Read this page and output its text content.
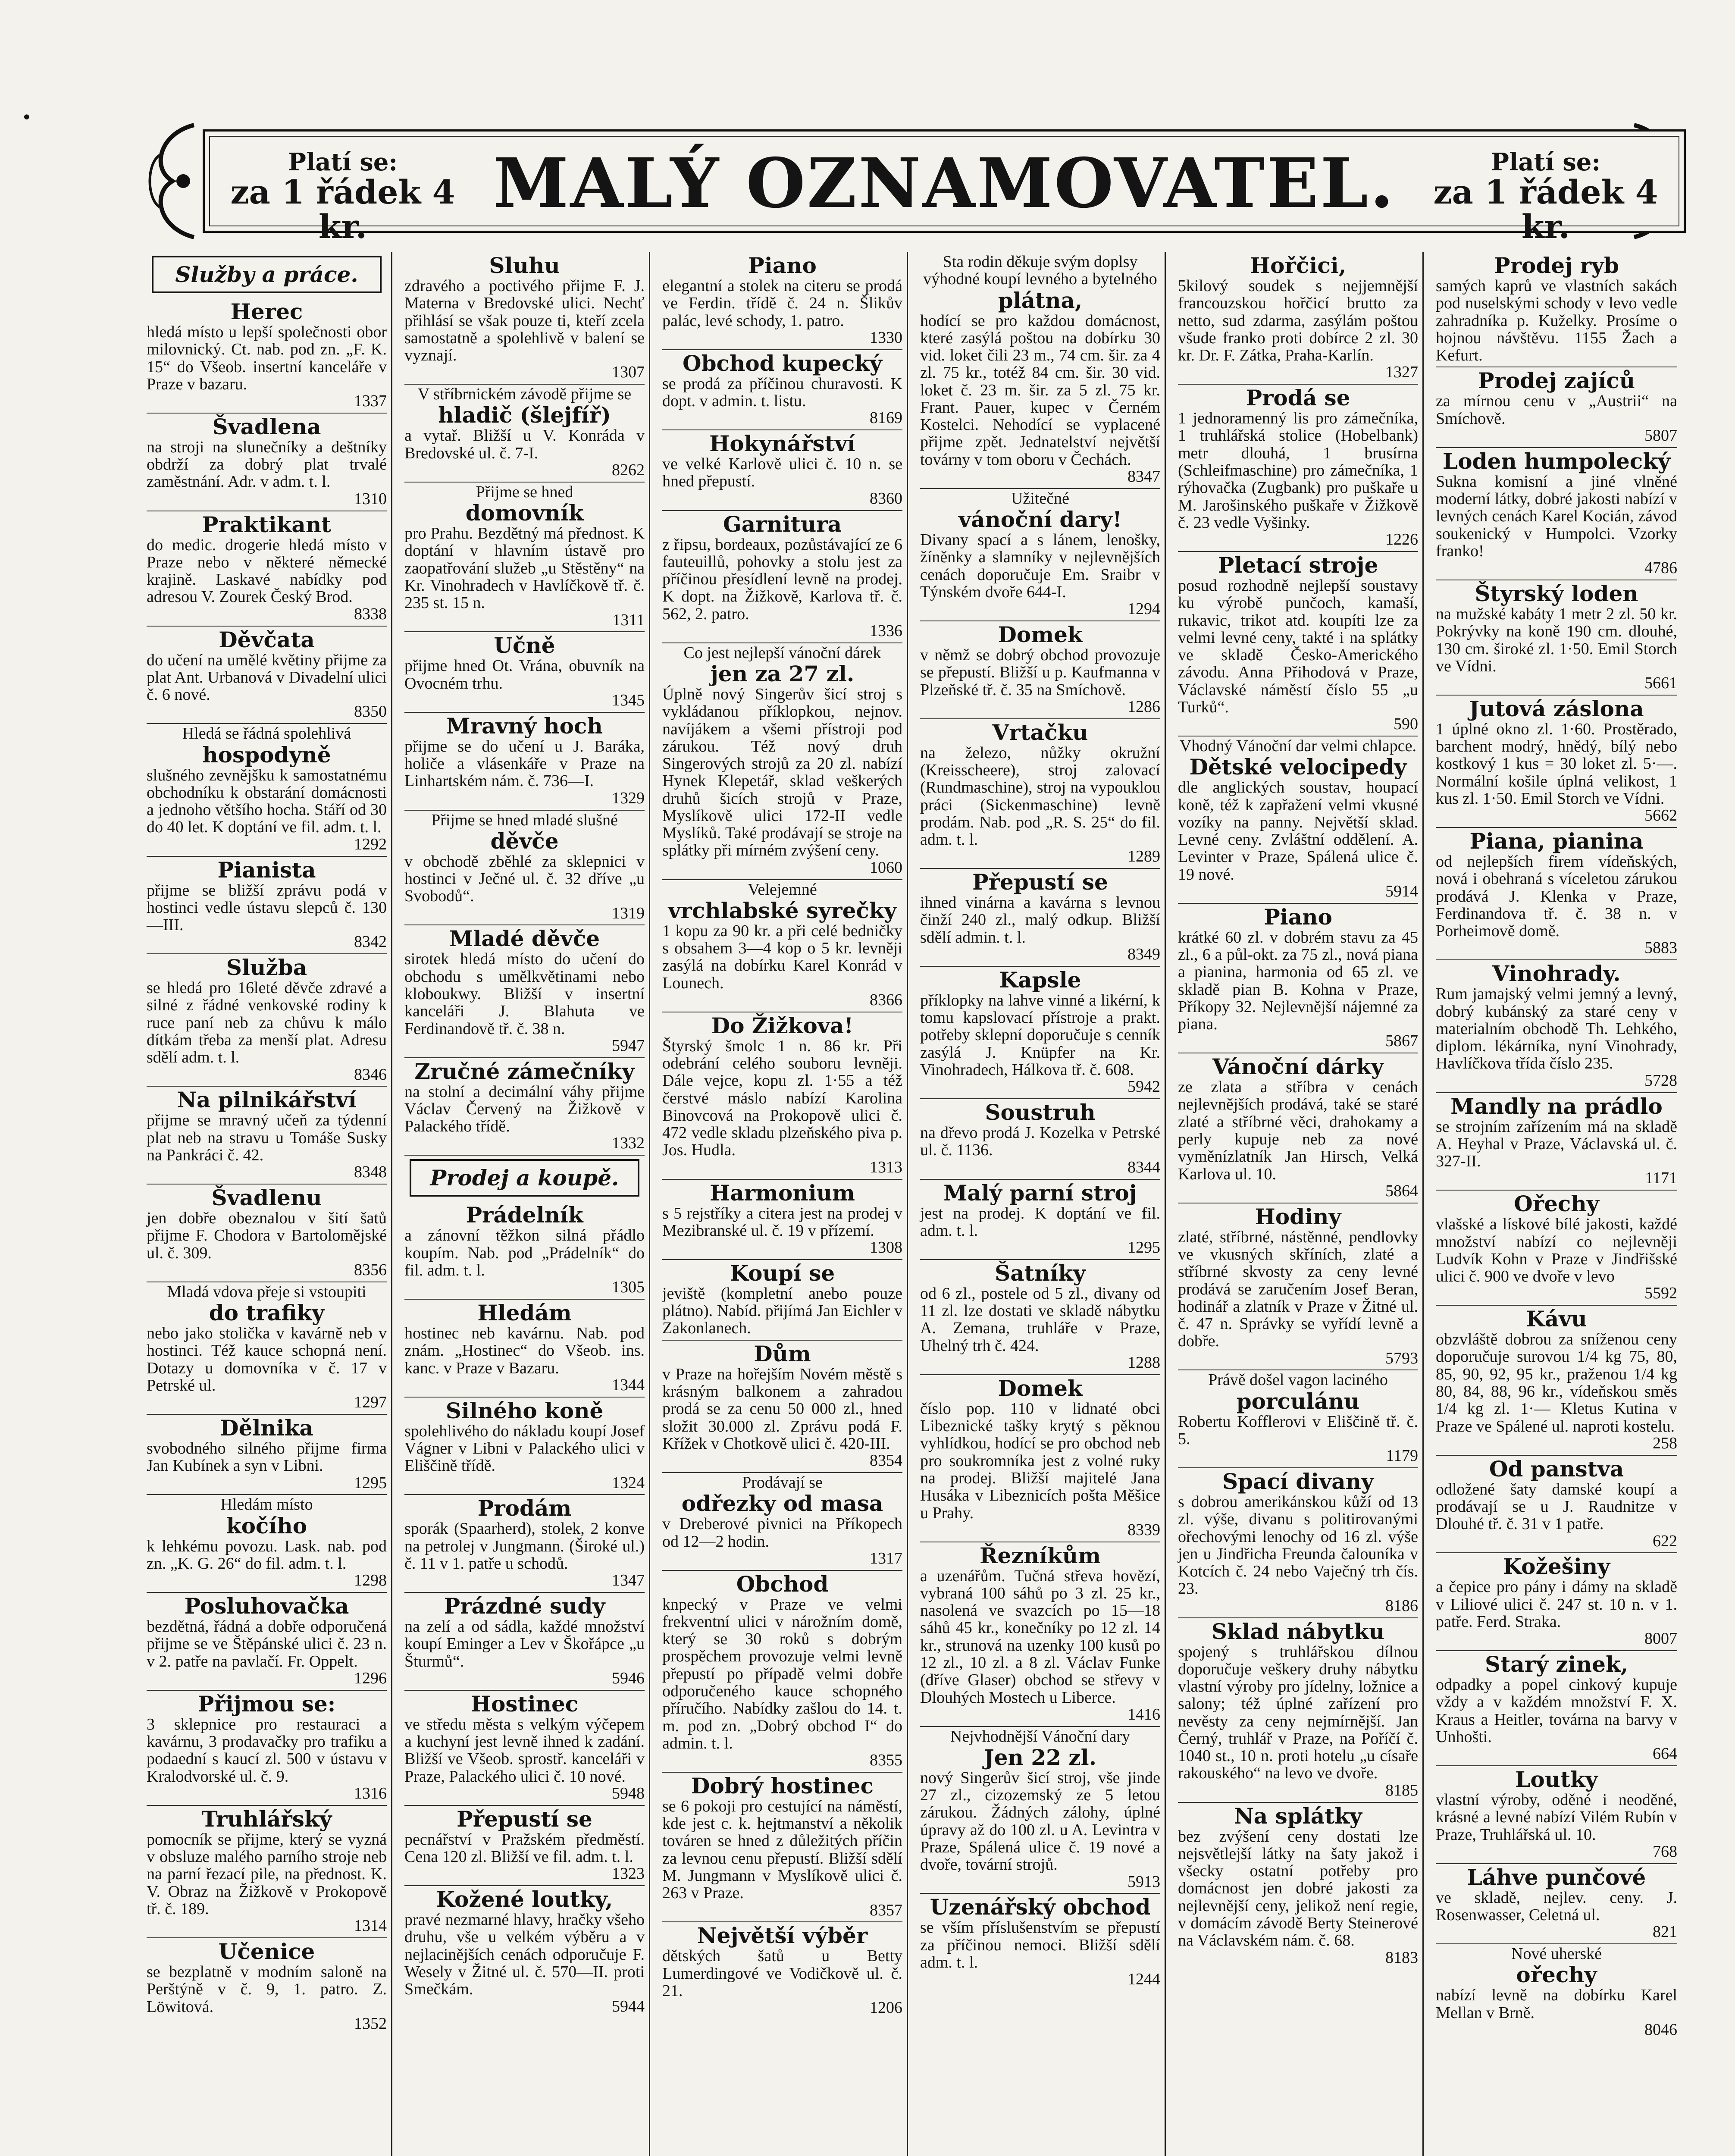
•
Platí se:
za 1 řádek 4 kr.
MALÝ OZNAMOVATEL.	Platí se:
za 1 řádek 4 kr.
Služby a práce.
Herec
hledá místo u lepší společnosti obor milovnický. Ct. nab. pod zn. „F. K. 15“ do Všeob. insertní kanceláře v Praze v bazaru.
1337
Švadlena
na stroji na slunečníky a deštníky obdrží za dobrý plat trvalé zaměstnání. Adr. v adm. t. l.
1310
Praktikant
do medic. drogerie hledá místo v Praze nebo v některé německé krajině. Laskavé nabídky pod adresou V. Zourek Český Brod.
8338
Děvčata
do učení na umělé květiny přijme za plat Ant. Urbanová v Divadelní ulici č. 6 nové.
8350
Hledá se řádná spolehlivá
hospodyně
slušného zevnějšku k samostatnému obchodníku k obstarání domácnosti a jednoho většího hocha. Stáří od 30 do 40 let. K doptání ve fil. adm. t. l.
1292
Pianista
přijme se bližší zprávu podá v hostinci vedle ústavu slepců č. 130—III.
8342
Služba
se hledá pro 16leté děvče zdravé a silné z řádné venkovské rodiny k ruce paní neb za chůvu k málo dítkám třeba za menší plat. Adresu sdělí adm. t. l.
8346
Na pilnikářství
přijme se mravný učeň za týdenní plat neb na stravu u Tomáše Susky na Pankráci č. 42.
8348
Švadlenu
jen dobře obeznalou v šití šatů přijme F. Chodora v Bartolomějské ul. č. 309.
8356
Mladá vdova přeje si vstoupiti
do trafiky
nebo jako stolička v kavárně neb v hostinci. Též kauce schopná není. Dotazy u domovníka v č. 17 v Petrské ul.
1297
Dělnika
svobodného silného přijme firma Jan Kubínek a syn v Libni.
1295
Hledám místo
kočího
k lehkému povozu. Lask. nab. pod zn. „K. G. 26“ do fil. adm. t. l.
1298
Posluhovačka
bezdětná, řádná a dobře odporučená přijme se ve Štěpánské ulici č. 23 n. v 2. patře na pavlačí. Fr. Oppelt.
1296
Přijmou se:
3 sklepnice pro restauraci a kavárnu, 3 prodavačky pro trafiku a podaední s kaucí zl. 500 v ústavu v Kralodvorské ul. č. 9.
1316
Truhlářský
pomocník se přijme, který se vyzná v obsluze malého parního stroje neb na parní řezací pile, na přednost. K. V. Obraz na Žižkově v Prokopově tř. č. 189.
1314
Učenice
se bezplatně v modním saloně na Perštýně v č. 9, 1. patro. Z. Löwitová.
1352
Sluhu
zdravého a poctivého přijme F. J. Materna v Bredovské ulici. Nechť přihlásí se však pouze ti, kteří zcela samostatně a spolehlivě v balení se vyznají.
1307
V stříbrnickém závodě přijme se
hladič (šlejfíř)
a vytař. Bližší u V. Konráda v Bredovské ul. č. 7-I.
8262
Přijme se hned
domovník
pro Prahu. Bezdětný má přednost. K doptání v hlavním ústavě pro zaopatřování služeb „u Stěstěny“ na Kr. Vinohradech v Havlíčkově tř. č. 235 st. 15 n.
1311
Učně
přijme hned Ot. Vrána, obuvník na Ovocném trhu.
1345
Mravný hoch
přijme se do učení u J. Baráka, holiče a vlásenkáře v Praze na Linhartském nám. č. 736—I.
1329
Přijme se hned mladé slušné
děvče
v obchodě zběhlé za sklepnici v hostinci v Ječné ul. č. 32 dříve „u Svobodů“.
1319
Mladé děvče
sirotek hledá místo do učení do obchodu s umělkvětinami nebo kloboukwy. Bližší v insertní kanceláři J. Blahuta ve Ferdinandově tř. č. 38 n.
5947
Zručné zámečníky
na stolní a decimální váhy přijme Václav Červený na Žižkově v Palackého třídě.
1332
Prodej a koupě.
Prádelník
a zánovní těžkon silná přádlo koupím. Nab. pod „Prádelník“ do fil. adm. t. l.
1305
Hledám
hostinec neb kavárnu. Nab. pod znám. „Hostinec“ do Všeob. ins. kanc. v Praze v Bazaru.
1344
Silného koně
spolehlivého do nákladu koupí Josef Vágner v Libni v Palackého ulici v Eliščině třídě.
1324
Prodám
sporák (Spaarherd), stolek, 2 konve na petrolej v Jungmann. (Široké ul.) č. 11 v 1. patře u schodů.
1347
Prázdné sudy
na zelí a od sádla, každé množství koupí Eminger a Lev v Škořápce „u Šturmů“.
5946
Hostinec
ve středu města s velkým výčepem a kuchyní jest levně ihned k zadání. Bližší ve Všeob. sprostř. kanceláři v Praze, Palackého ulici č. 10 nové.
5948
Přepustí se
pecnářství v Pražském předměstí. Cena 120 zl. Bližší ve fil. adm. t. l.
1323
Kožené loutky,
pravé nezmarné hlavy, hračky všeho druhu, vše u velkém výběru a v nejlacinějších cenách odporučuje F. Wesely v Žitné ul. č. 570—II. proti Smečkám.
5944
Piano
elegantní a stolek na citeru se prodá ve Ferdin. třídě č. 24 n. Šlikův palác, levé schody, 1. patro.
1330
Obchod kupecký
se prodá za příčinou churavosti. K dopt. v admin. t. listu.
8169
Hokynářství
ve velké Karlově ulici č. 10 n. se hned přepustí.
8360
Garnitura
z řipsu, bordeaux, pozůstávající ze 6 fauteuillů, pohovky a stolu jest za příčinou přesídlení levně na prodej. K dopt. na Žižkově, Karlova tř. č. 562, 2. patro.
1336
Co jest nejlepší vánoční dárek
jen za 27 zl.
Úplně nový Singerův šicí stroj s vykládanou příklopkou, nejnov. navíjákem a všemi přístroji pod zárukou. Též nový druh Singerových strojů za 20 zl. nabízí Hynek Klepetář, sklad veškerých druhů šicích strojů v Praze, Myslíkově ulici 172-II vedle Myslíků. Také prodávají se stroje na splátky při mírném zvýšení ceny.
1060
Velejemné
vrchlabské syrečky
1 kopu za 90 kr. a při celé bedničky s obsahem 3—4 kop o 5 kr. levněji zasýlá na dobírku Karel Konrád v Lounech.
8366
Do Žižkova!
Štyrský šmolc 1 n. 86 kr. Při odebrání celého souboru levněji. Dále vejce, kopu zl. 1·55 a též čerstvé máslo nabízí Karolina Binovcová na Prokopově ulici č. 472 vedle skladu plzeňského piva p. Jos. Hudla.
1313
Harmonium
s 5 rejstříky a citera jest na prodej v Mezibranské ul. č. 19 v přízemí.
1308
Koupí se
jeviště (kompletní anebo pouze plátno). Nabíd. přijímá Jan Eichler v Zakonlanech.
Dům
v Praze na hořejším Novém městě s krásným balkonem a zahradou prodá se za cenu 50 000 zl., hned složit 30.000 zl. Zprávu podá F. Křížek v Chotkově ulici č. 420-III.
8354
Prodávají se
odřezky od masa
v Dreberové pivnici na Příkopech od 12—2 hodin.
1317
Obchod
knpecký v Praze ve velmi frekventní ulici v nárožním domě, který se 30 roků s dobrým prospěchem provozuje velmi levně přepustí po případě velmi dobře odporučeného kauce schopného příručího. Nabídky zašlou do 14. t. m. pod zn. „Dobrý obchod I“ do admin. t. l.
8355
Dobrý hostinec
se 6 pokoji pro cestující na náměstí, kde jest c. k. hejtmanství a několik továren se hned z důležitých příčin za levnou cenu přepustí. Bližší sdělí M. Jungmann v Myslíkově ulici č. 263 v Praze.
8357
Největší výběr
dětských šatů u Betty Lumerdingové ve Vodičkově ul. č. 21.
1206
Sta rodin děkuje svým doplsy výhodné koupí levného a bytelného
plátna,
hodící se pro každou domácnost, které zasýlá poštou na dobírku 30 vid. loket čili 23 m., 74 cm. šir. za 4 zl. 75 kr., totéž 84 cm. šir. 30 vid. loket č. 23 m. šir. za 5 zl. 75 kr. Frant. Pauer, kupec v Černém Kostelci. Nehodící se vyplacené přijme zpět. Jednatelství největší továrny v tom oboru v Čechách.
8347
Užitečné
vánoční dary!
Divany spací a s lánem, lenošky, žíněnky a slamníky v nejlevnějších cenách doporučuje Em. Sraibr v Týnském dvoře 644-I.
1294
Domek
v němž se dobrý obchod provozuje se přepustí. Bližší u p. Kaufmanna v Plzeňské tř. č. 35 na Smíchově.
1286
Vrtačku
na železo, nůžky okružní (Kreisscheere), stroj zalovací (Rundmaschine), stroj na vypouklou práci (Sickenmaschine) levně prodám. Nab. pod „R. S. 25“ do fil. adm. t. l.
1289
Přepustí se
ihned vinárna a kavárna s levnou činží 240 zl., malý odkup. Bližší sdělí admin. t. l.
8349
Kapsle
příklopky na lahve vinné a likérní, k tomu kapslovací přístroje a prakt. potřeby sklepní doporučuje s cenník zasýlá J. Knüpfer na Kr. Vinohradech, Hálkova tř. č. 608.
5942
Soustruh
na dřevo prodá J. Kozelka v Petrské ul. č. 1136.
8344
Malý parní stroj
jest na prodej. K doptání ve fil. adm. t. l.
1295
Šatníky
od 6 zl., postele od 5 zl., divany od 11 zl. lze dostati ve skladě nábytku A. Zemana, truhláře v Praze, Uhelný trh č. 424.
1288
Domek
číslo pop. 110 v lidnaté obci Libeznické tašky krytý s pěknou vyhlídkou, hodící se pro obchod neb pro soukromníka jest z volné ruky na prodej. Bližší majitelé Jana Husáka v Libeznicích pošta Měšice u Prahy.
8339
Řezníkům
a uzenářům. Tučná střeva hovězí, vybraná 100 sáhů po 3 zl. 25 kr., nasolená ve svazcích po 15—18 sáhů 45 kr., konečníky po 12 zl. 14 kr., strunová na uzenky 100 kusů po 12 zl., 10 zl. a 8 zl. Václav Funke (dříve Glaser) obchod se střevy v Dlouhých Mostech u Libercе.
1416
Nejvhodnější Vánoční dary
Jen 22 zl.
nový Singerův šicí stroj, vše jinde 27 zl., cizozemský ze 5 letou zárukou. Žádných zálohy, úplné úpravy až do 100 zl. u A. Levintra v Praze, Spálená ulice č. 19 nové a dvoře, tovární strojů.
5913
Uzenářský obchod
se vším příslušenstvím se přepustí za příčinou nemoci. Bližší sdělí adm. t. l.
1244
Hořčici,
5kilový soudek s nejjemnější francouzskou hořčicí brutto za netto, sud zdarma, zasýlám poštou všude franko proti dobírce 2 zl. 30 kr. Dr. F. Zátka, Praha-Karlín.
1327
Prodá se
1 jednoramenný lis pro zámečníka, 1 truhlářská stolice (Hobelbank) metr dlouhá, 1 brusírna (Schleifmaschine) pro zámečníka, 1 rýhovačka (Zugbank) pro puškaře u M. Jarošinského puškaře v Žižkově č. 23 vedle Vyšinky.
1226
Pletací stroje
posud rozhodně nejlepší soustavy ku výrobě punčoch, kamaší, rukavic, trikot atd. koupíti lze za velmi levné ceny, takté i na splátky ve skladě Česko-Amerického závodu. Anna Přihodová v Praze, Václavské náměstí číslo 55 „u Turků“.
590
Vhodný Vánoční dar velmi chlapce.
Dětské velocipedy
dle anglických soustav, houpací koně, též k zapřažení velmi vkusné vozíky na panny. Největší sklad. Levné ceny. Zvláštní oddělení. A. Levinter v Praze, Spálená ulice č. 19 nové.
5914
Piano
krátké 60 zl. v dobrém stavu za 45 zl., 6 a půl-okt. za 75 zl., nová piana a pianina, harmonia od 65 zl. ve skladě pian B. Kohna v Praze, Příkopy 32. Nejlevnější nájemné za piana.
5867
Vánoční dárky
ze zlata a stříbra v cenách nejlevnějších prodává, také se staré zlaté a stříbrné věci, drahokamy a perly kupuje neb za nové vyměnízlatník Jan Hirsch, Velká Karlova ul. 10.
5864
Hodiny
zlaté, stříbrné, nástěnné, pendlovky ve vkusných skříních, zlaté a stříbrné skvosty za ceny levné prodává se zaručením Josef Beran, hodinář a zlatník v Praze v Žitné ul. č. 47 n. Správky se vyřídí levně a dobře.
5793
Právě došel vagon laciného
porculánu
Robertu Kofflerovi v Eliščině tř. č. 5.
1179
Spací divany
s dobrou amerikánskou kůží od 13 zl. výše, divanu s politirovanými ořechovými lenochy od 16 zl. výše jen u Jindřicha Freunda čalouníka v Kotcích č. 24 nebo Vaječný trh čís. 23.
8186
Sklad nábytku
spojený s truhlářskou dílnou doporučuje veškery druhy nábytku vlastní výroby pro jídelny, ložnice a salony; též úplné zařízení pro nevěsty za ceny nejmírnější. Jan Černý, truhlář v Praze, na Poříčí č. 1040 st., 10 n. proti hotelu „u císaře rakouského“ na levo ve dvoře.
8185
Na splátky
bez zvýšení ceny dostati lze nejsvětlejší látky na šaty jakož i všecky ostatní potřeby pro domácnost jen dobré jakosti za nejlevnější ceny, jelikož není regie, v domácím závodě Berty Steinerové na Václavském nám. č. 68.
8183
Prodej ryb
samých kaprů ve vlastních sakách pod nuselskými schody v levo vedle zahradníka p. Kuželky. Prosíme o hojnou návštěvu. 1155 Žach a Kefurt.
Prodej zajíců
za mírnou cenu v „Austrii“ na Smíchově.
5807
Loden humpolecký
Sukna komisní a jiné vlněné moderní látky, dobré jakosti nabízí v levných cenách Karel Kocián, závod soukenický v Humpolci. Vzorky franko!
4786
Štyrský loden
na mužské kabáty 1 metr 2 zl. 50 kr. Pokrývky na koně 190 cm. dlouhé, 130 cm. široké zl. 1·50. Emil Storch ve Vídni.
5661
Jutová záslona
1 úplné okno zl. 1·60. Prostěrado, barchent modrý, hnědý, bílý nebo kostkový 1 kus = 30 loket zl. 5·—. Normální košile úplná velikost, 1 kus zl. 1·50. Emil Storch ve Vídni.
5662
Piana, pianina
od nejlepších firem vídeňských, nová i obehraná s víceletou zárukou prodává J. Klenka v Praze, Ferdinandova tř. č. 38 n. v Porheimově domě.
5883
Vinohrady.
Rum jamajský velmi jemný a levný, dobrý kubánský za staré ceny v materialním obchodě Th. Lehkého, diplom. lékárníka, nyní Vinohrady, Havlíčkova třída číslo 235.
5728
Mandly na prádlo
se strojním zařízením má na skladě A. Heyhal v Praze, Václavská ul. č. 327-II.
1171
Ořechy
vlašské a lískové bílé jakosti, každé množství nabízí co nejlevněji Ludvík Kohn v Praze v Jindřišské ulici č. 900 ve dvoře v levo
5592
Kávu
obzvláště dobrou za sníženou ceny doporučuje surovou 1/4 kg 75, 80, 85, 90, 92, 95 kr., praženou 1/4 kg 80, 84, 88, 96 kr., vídeňskou směs 1/4 kg zl. 1·— Kletus Kutina v Praze ve Spálené ul. naproti kostelu.
258
Od panstva
odložené šaty damské koupí a prodávají se u J. Raudnitze v Dlouhé tř. č. 31 v 1 patře.
622
Kožešiny
a čepice pro pány i dámy na skladě v Liliové ulici č. 247 st. 10 n. v 1. patře. Ferd. Straka.
8007
Starý zinek,
odpadky a popel cinkový kupuje vždy a v každém množství F. X. Kraus a Heitler, továrna na barvy v Unhošti.
664
Loutky
vlastní výroby, oděné i neoděné, krásné a levné nabízí Vilém Rubín v Praze, Truhlářská ul. 10.
768
Láhve punčové
ve skladě, nejlev. ceny. J. Rosenwasser, Celetná ul.
821
Nové uherské
ořechy
nabízí levně na dobírku Karel Mellan v Brně.
8046
